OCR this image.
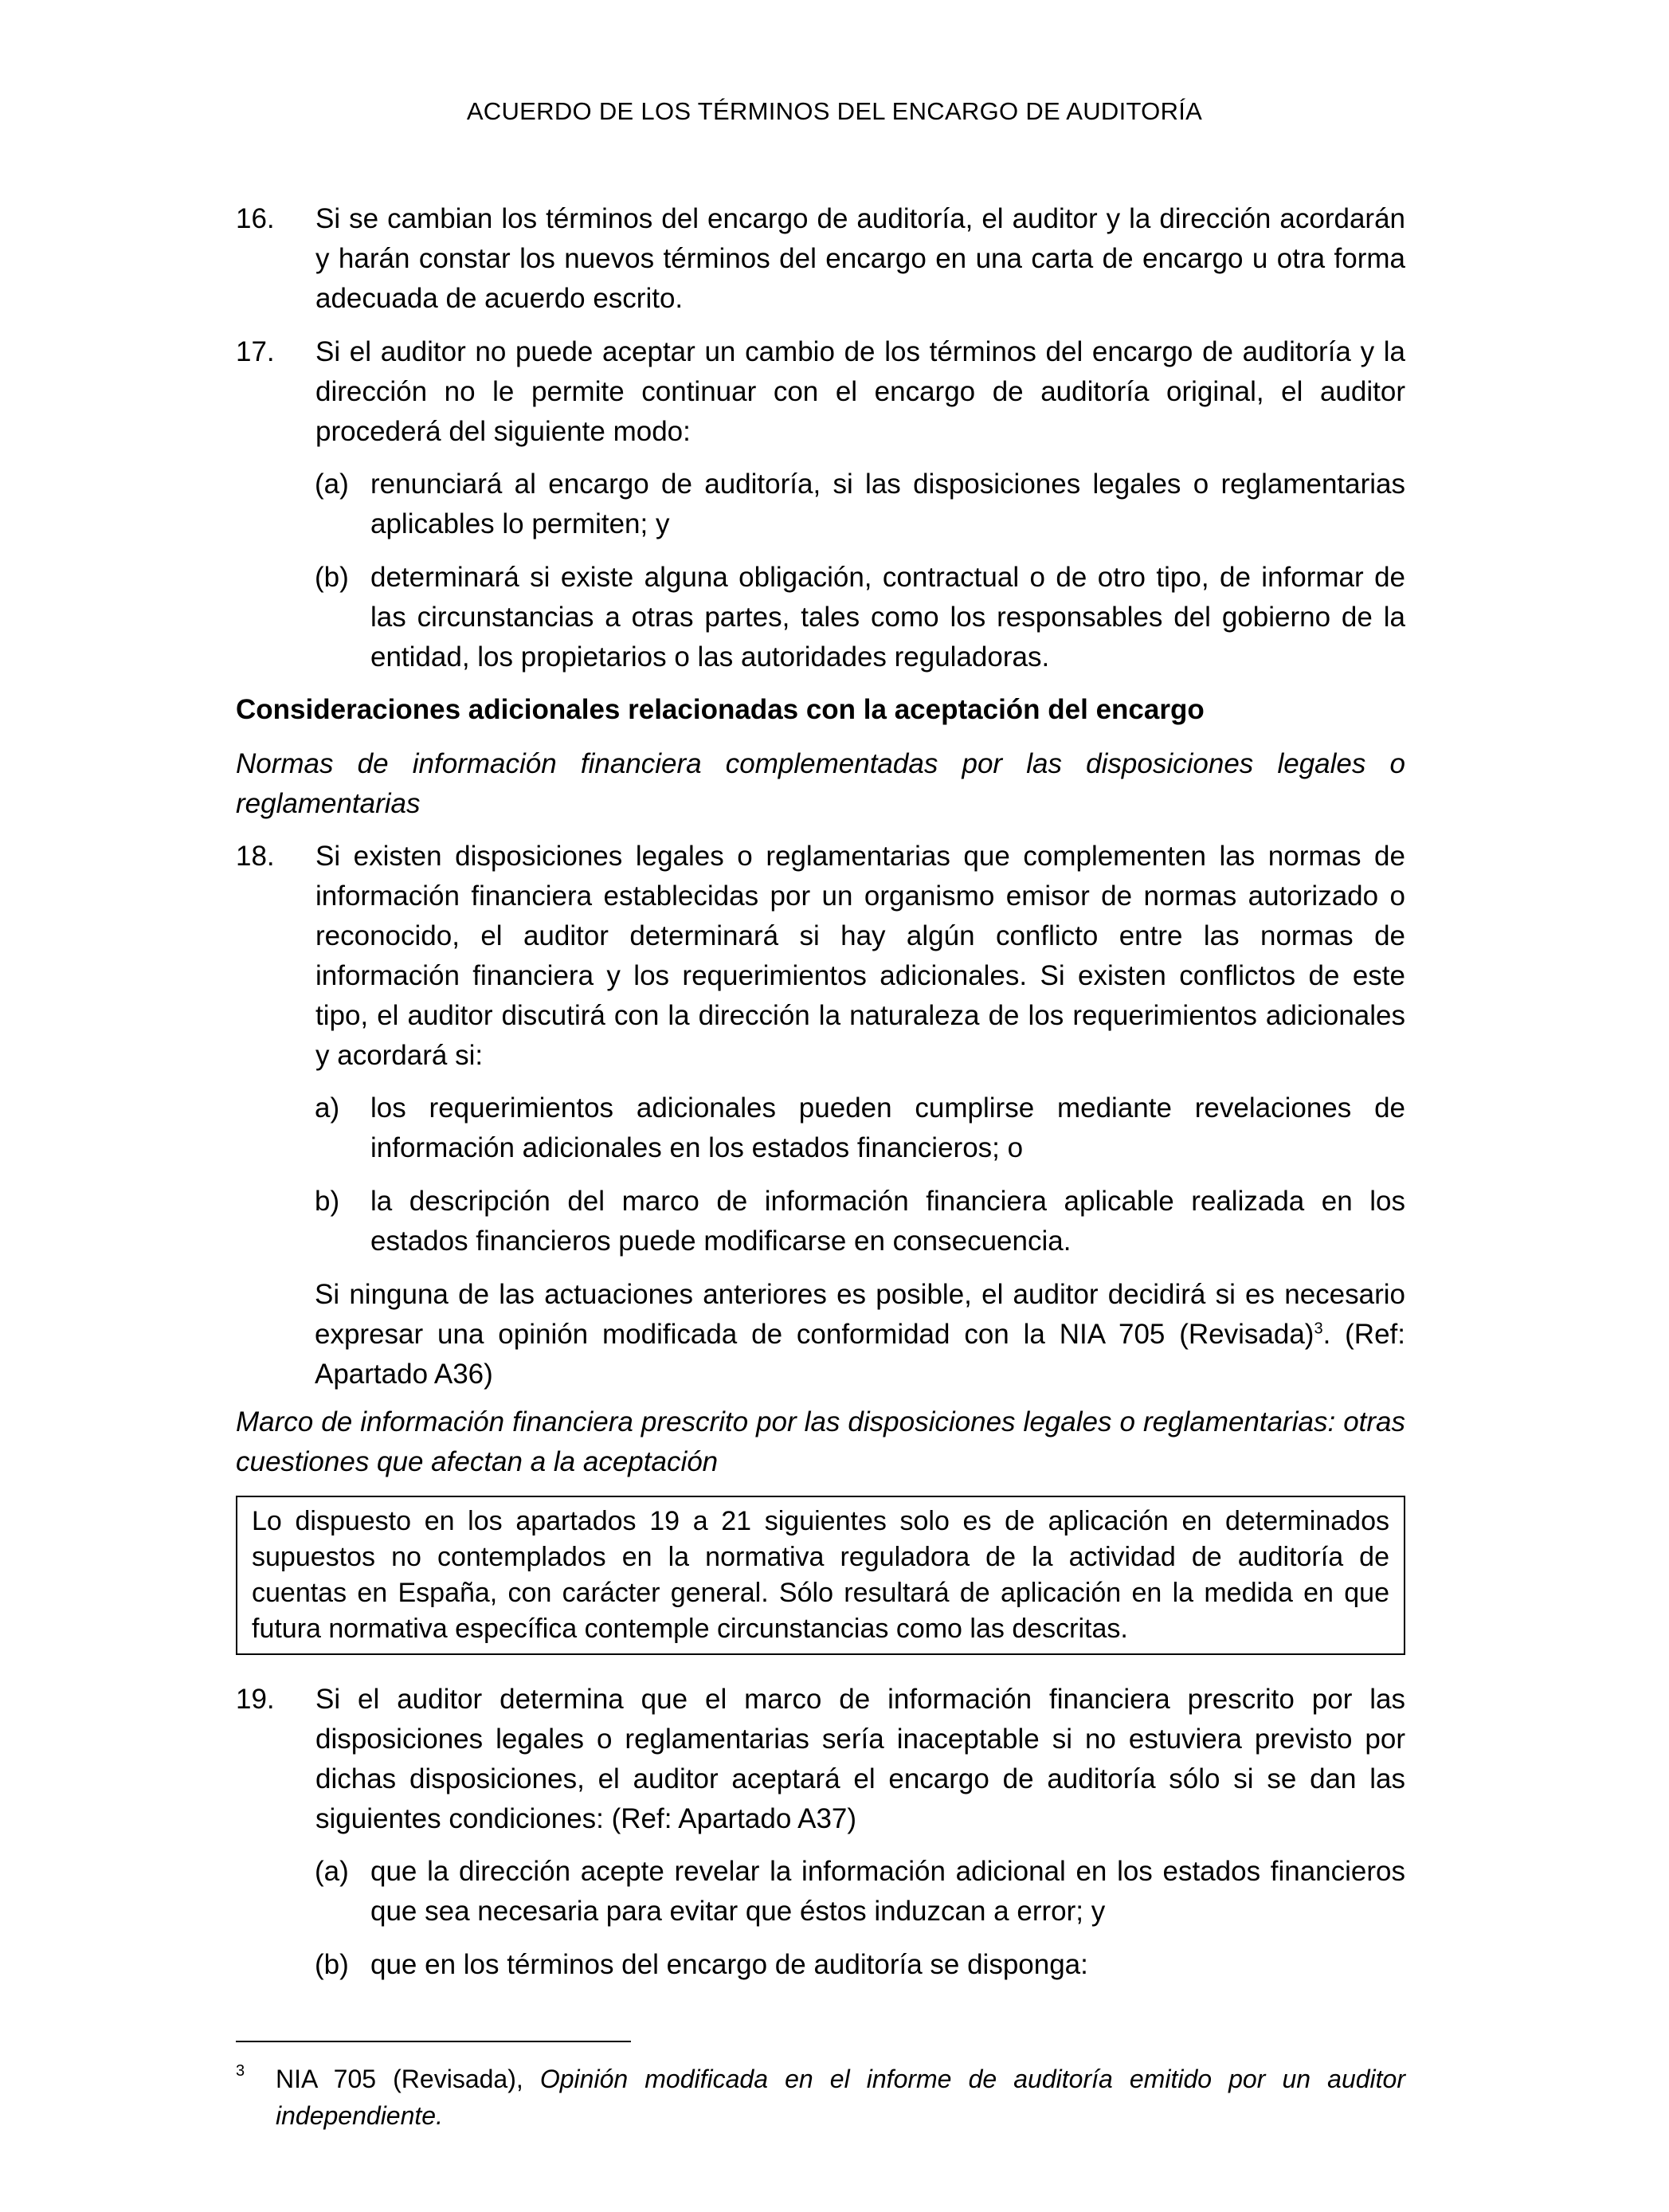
ACUERDO DE LOS TÉRMINOS DEL ENCARGO DE AUDITORÍA
16. Si se cambian los términos del encargo de auditoría, el auditor y la dirección acordarán y harán constar los nuevos términos del encargo en una carta de encargo u otra forma adecuada de acuerdo escrito.
17. Si el auditor no puede aceptar un cambio de los términos del encargo de auditoría y la dirección no le permite continuar con el encargo de auditoría original, el auditor procederá del siguiente modo:
(a) renunciará al encargo de auditoría, si las disposiciones legales o reglamentarias aplicables lo permiten; y
(b) determinará si existe alguna obligación, contractual o de otro tipo, de informar de las circunstancias a otras partes, tales como los responsables del gobierno de la entidad, los propietarios o las autoridades reguladoras.
Consideraciones adicionales relacionadas con la aceptación del encargo
Normas de información financiera complementadas por las disposiciones legales o reglamentarias
18. Si existen disposiciones legales o reglamentarias que complementen las normas de información financiera establecidas por un organismo emisor de normas autorizado o reconocido, el auditor determinará si hay algún conflicto entre las normas de información financiera y los requerimientos adicionales. Si existen conflictos de este tipo, el auditor discutirá con la dirección la naturaleza de los requerimientos adicionales y acordará si:
a) los requerimientos adicionales pueden cumplirse mediante revelaciones de información adicionales en los estados financieros; o
b) la descripción del marco de información financiera aplicable realizada en los estados financieros puede modificarse en consecuencia.
Si ninguna de las actuaciones anteriores es posible, el auditor decidirá si es necesario expresar una opinión modificada de conformidad con la NIA 705 (Revisada)$^3$. (Ref: Apartado A36)
Marco de información financiera prescrito por las disposiciones legales o reglamentarias: otras cuestiones que afectan a la aceptación
Lo dispuesto en los apartados 19 a 21 siguientes solo es de aplicación en determinados supuestos no contemplados en la normativa reguladora de la actividad de auditoría de cuentas en España, con carácter general. Sólo resultará de aplicación en la medida en que futura normativa específica contemple circunstancias como las descritas.
19. Si el auditor determina que el marco de información financiera prescrito por las disposiciones legales o reglamentarias sería inaceptable si no estuviera previsto por dichas disposiciones, el auditor aceptará el encargo de auditoría sólo si se dan las siguientes condiciones: (Ref: Apartado A37)
(a) que la dirección acepte revelar la información adicional en los estados financieros que sea necesaria para evitar que éstos induzcan a error; y
(b) que en los términos del encargo de auditoría se disponga:
3 NIA 705 (Revisada), Opinión modificada en el informe de auditoría emitido por un auditor independiente.
